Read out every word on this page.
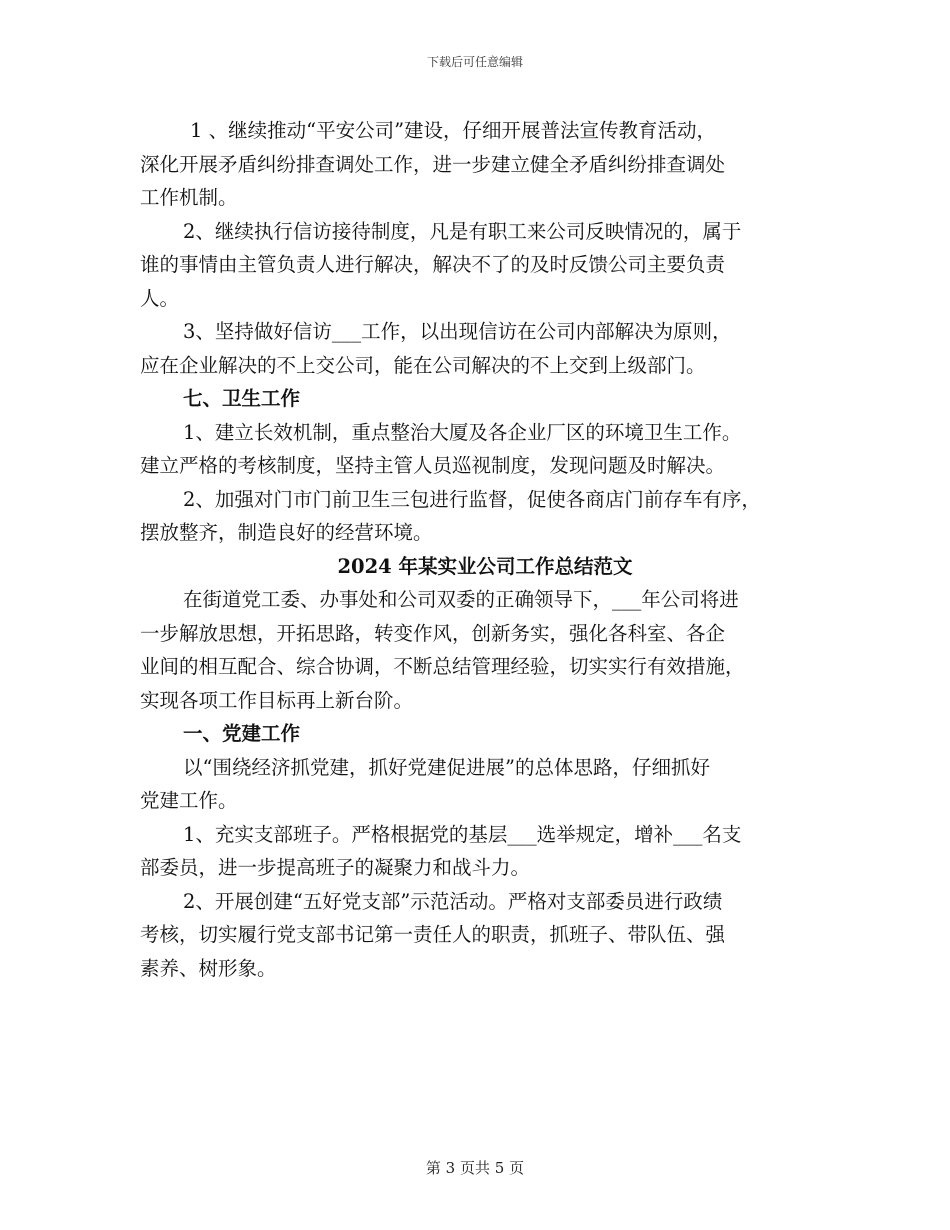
下载后可任意编辑
1 、继续推动“平安公司”建设，仔细开展普法宣传教育活动，
深化开展矛盾纠纷排查调处工作，进一步建立健全矛盾纠纷排查调处
工作机制。
2、继续执行信访接待制度，凡是有职工来公司反映情况的，属于
谁的事情由主管负责人进行解决，解决不了的及时反馈公司主要负责
人。
3、坚持做好信访___工作，以出现信访在公司内部解决为原则，
应在企业解决的不上交公司，能在公司解决的不上交到上级部门。
七、卫生工作
1、建立长效机制，重点整治大厦及各企业厂区的环境卫生工作。
建立严格的考核制度，坚持主管人员巡视制度，发现问题及时解决。
2、加强对门市门前卫生三包进行监督，促使各商店门前存车有序，
摆放整齐，制造良好的经营环境。
2024 年某实业公司工作总结范文
在街道党工委、办事处和公司双委的正确领导下，___年公司将进
一步解放思想，开拓思路，转变作风，创新务实，强化各科室、各企
业间的相互配合、综合协调，不断总结管理经验，切实实行有效措施，
实现各项工作目标再上新台阶。
一、党建工作
以“围绕经济抓党建，抓好党建促进展”的总体思路，仔细抓好
党建工作。
1、充实支部班子。严格根据党的基层___选举规定，增补___名支
部委员，进一步提高班子的凝聚力和战斗力。
2、开展创建“五好党支部”示范活动。严格对支部委员进行政绩
考核，切实履行党支部书记第一责任人的职责，抓班子、带队伍、强
素养、树形象。
第 3 页共 5 页
